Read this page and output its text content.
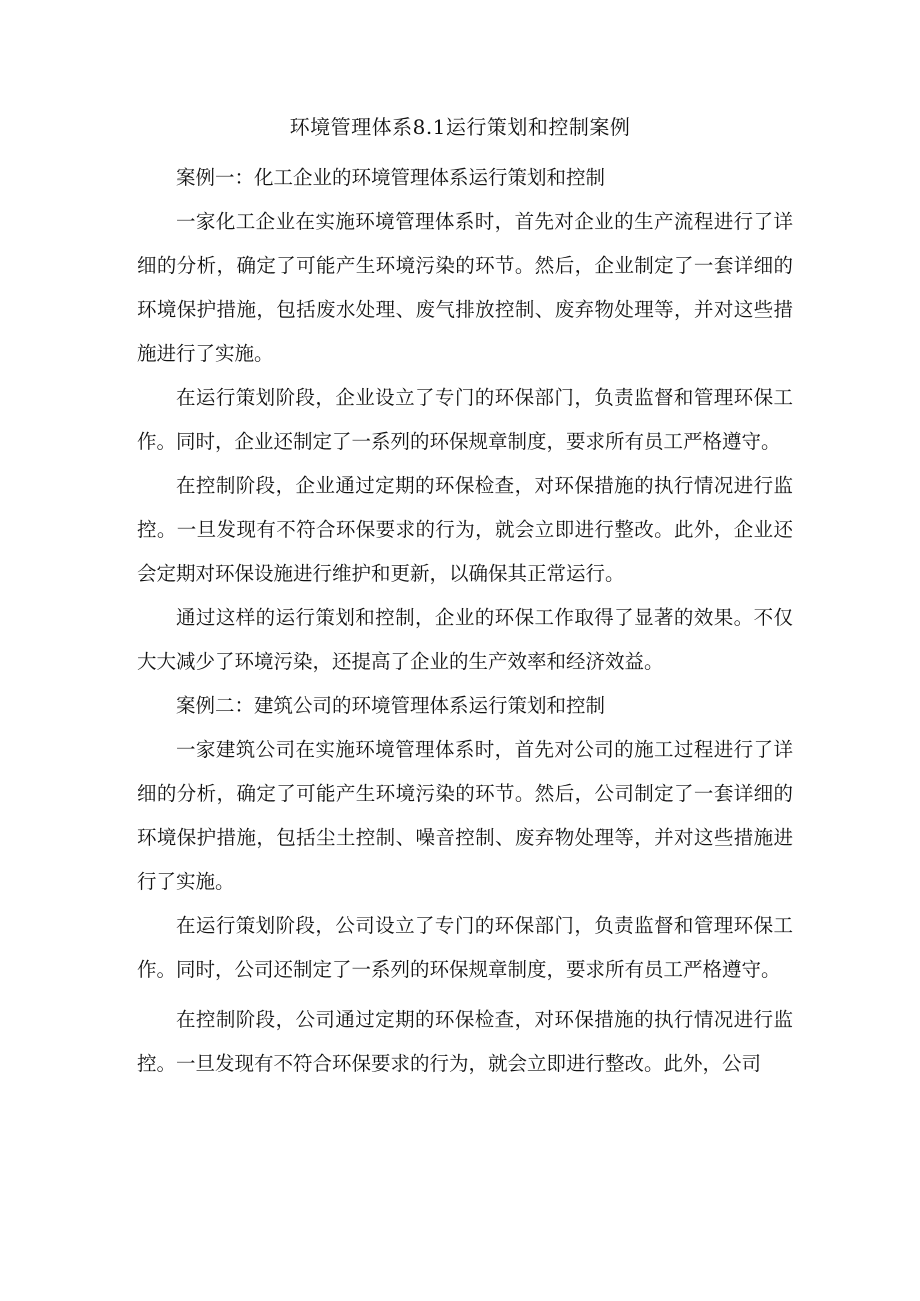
环境管理体系8.1运行策划和控制案例

案例一：化工企业的环境管理体系运行策划和控制

一家化工企业在实施环境管理体系时，首先对企业的生产流程进行了详细的分析，确定了可能产生环境污染的环节。然后，企业制定了一套详细的环境保护措施，包括废水处理、废气排放控制、废弃物处理等，并对这些措施进行了实施。

在运行策划阶段，企业设立了专门的环保部门，负责监督和管理环保工作。同时，企业还制定了一系列的环保规章制度，要求所有员工严格遵守。

在控制阶段，企业通过定期的环保检查，对环保措施的执行情况进行监控。一旦发现有不符合环保要求的行为，就会立即进行整改。此外，企业还会定期对环保设施进行维护和更新，以确保其正常运行。

通过这样的运行策划和控制，企业的环保工作取得了显著的效果。不仅大大减少了环境污染，还提高了企业的生产效率和经济效益。

案例二：建筑公司的环境管理体系运行策划和控制

一家建筑公司在实施环境管理体系时，首先对公司的施工过程进行了详细的分析，确定了可能产生环境污染的环节。然后，公司制定了一套详细的环境保护措施，包括尘土控制、噪音控制、废弃物处理等，并对这些措施进行了实施。

在运行策划阶段，公司设立了专门的环保部门，负责监督和管理环保工作。同时，公司还制定了一系列的环保规章制度，要求所有员工严格遵守。

在控制阶段，公司通过定期的环保检查，对环保措施的执行情况进行监控。一旦发现有不符合环保要求的行为，就会立即进行整改。此外，公司
